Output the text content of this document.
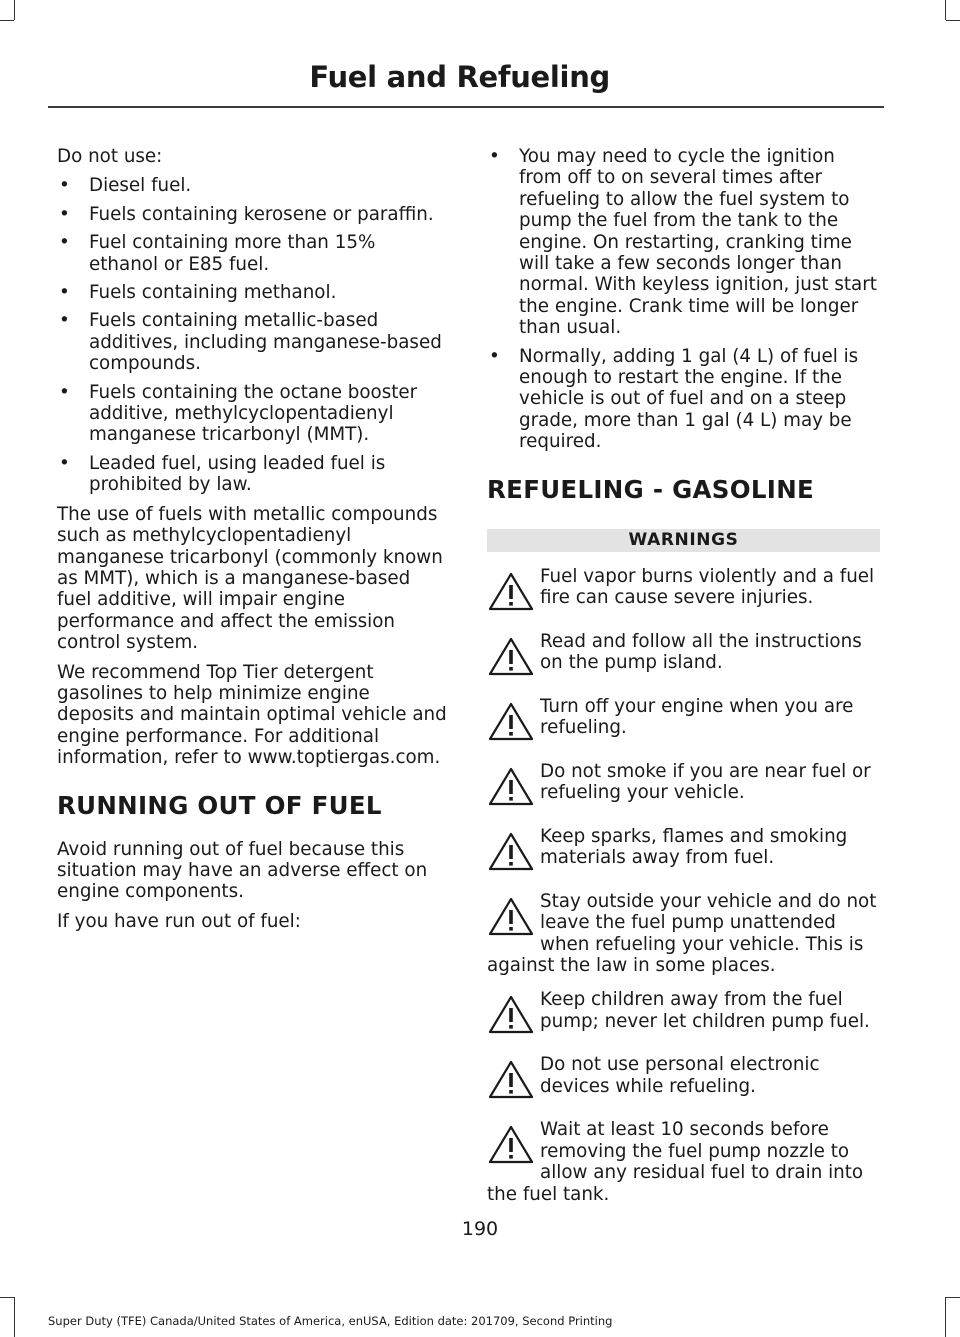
Fuel and Refueling

Do not use:

• Diesel fuel.
• Fuels containing kerosene or paraffin.
• Fuel containing more than 15% ethanol or E85 fuel.
• Fuels containing methanol.
• Fuels containing metallic-based additives, including manganese-based compounds.
• Fuels containing the octane booster additive, methylcyclopentadienyl manganese tricarbonyl (MMT).
• Leaded fuel, using leaded fuel is prohibited by law.

The use of fuels with metallic compounds such as methylcyclopentadienyl manganese tricarbonyl (commonly known as MMT), which is a manganese-based fuel additive, will impair engine performance and affect the emission control system.

We recommend Top Tier detergent gasolines to help minimize engine deposits and maintain optimal vehicle and engine performance. For additional information, refer to www.toptiergas.com.

RUNNING OUT OF FUEL

Avoid running out of fuel because this situation may have an adverse effect on engine components.

If you have run out of fuel:

• You may need to cycle the ignition from off to on several times after refueling to allow the fuel system to pump the fuel from the tank to the engine. On restarting, cranking time will take a few seconds longer than normal. With keyless ignition, just start the engine. Crank time will be longer than usual.
• Normally, adding 1 gal (4 L) of fuel is enough to restart the engine. If the vehicle is out of fuel and on a steep grade, more than 1 gal (4 L) may be required.
REFUELING - GASOLINE
WARNINGS
Fuel vapor burns violently and a fuel fire can cause severe injuries.
Read and follow all the instructions on the pump island.
Turn off your engine when you are refueling.
Do not smoke if you are near fuel or refueling your vehicle.
Keep sparks, flames and smoking materials away from fuel.
Stay outside your vehicle and do not leave the fuel pump unattended when refueling your vehicle. This is
against the law in some places.
Keep children away from the fuel pump; never let children pump fuel.
Do not use personal electronic devices while refueling.
Wait at least 10 seconds before removing the fuel pump nozzle to allow any residual fuel to drain into
the fuel tank.
190
Super Duty (TFE) Canada/United States of America, enUSA, Edition date: 201709, Second Printing
